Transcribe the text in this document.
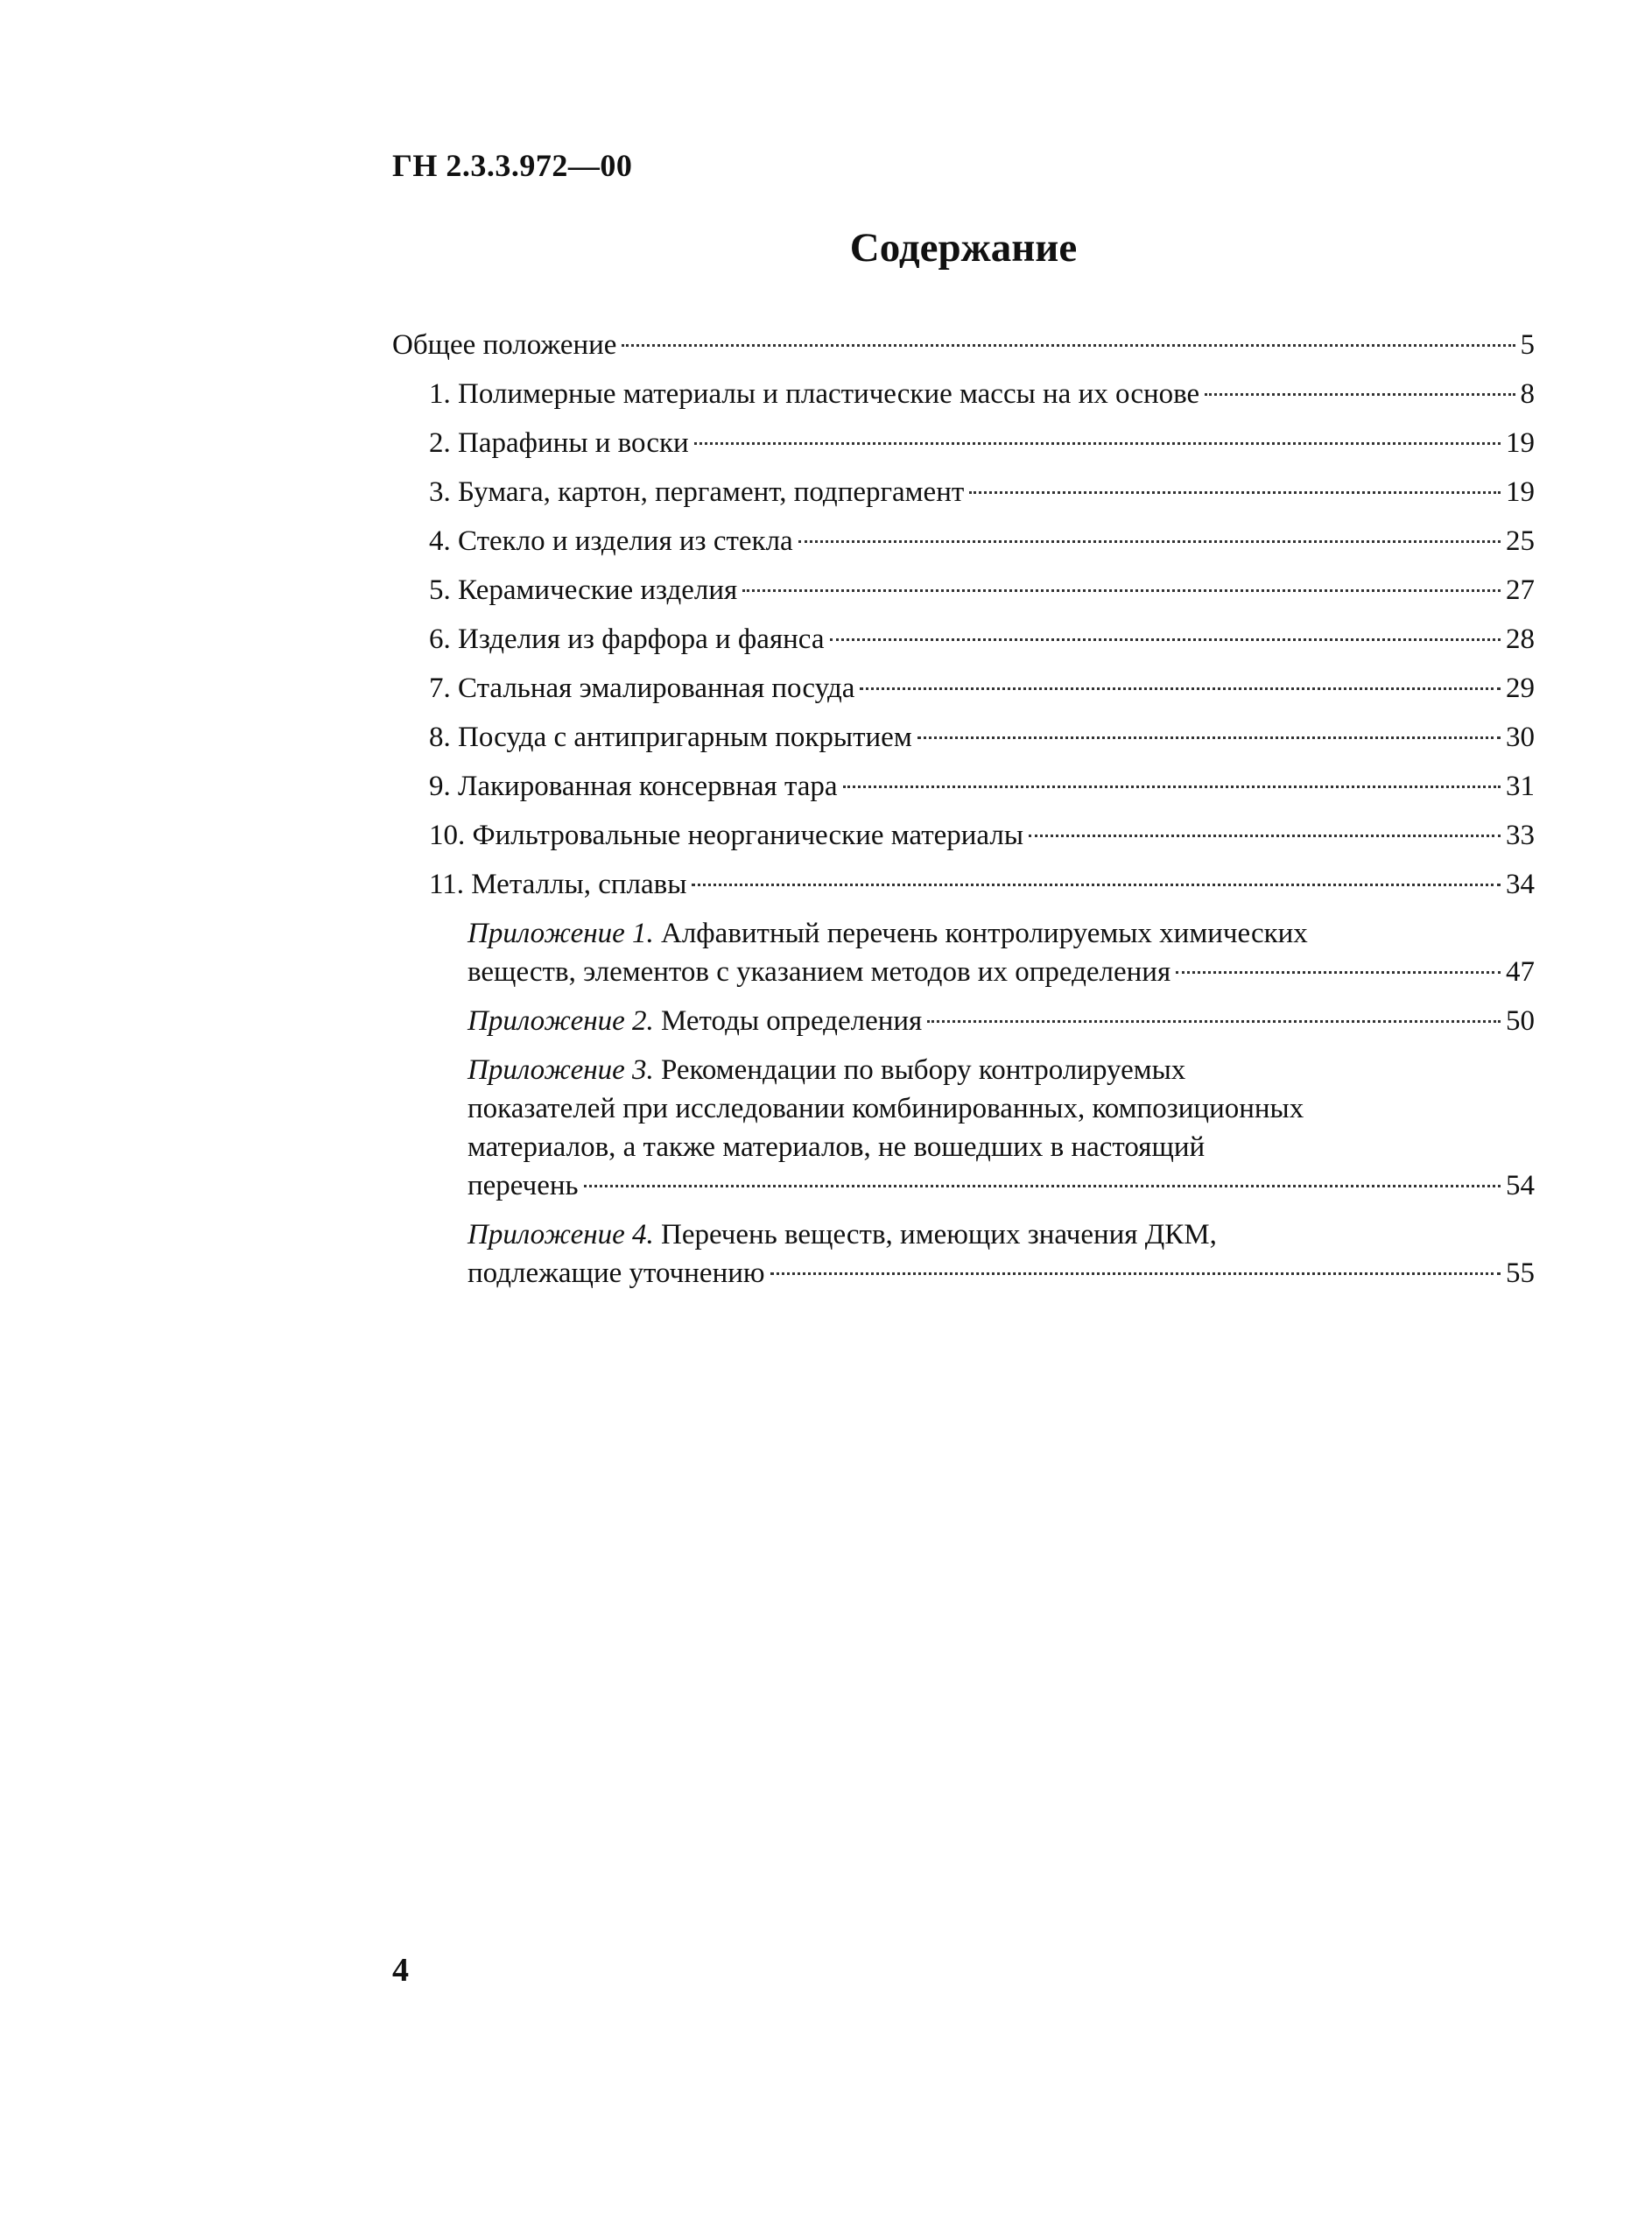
ГН 2.3.3.972—00
Содержание
Общее положение	5
1. Полимерные материалы и пластические массы на их основе	8
2. Парафины и воски	19
3. Бумага, картон, пергамент, подпергамент	19
4. Стекло и изделия из стекла	25
5. Керамические изделия	27
6. Изделия из фарфора и фаянса	28
7. Стальная эмалированная посуда	29
8. Посуда с антипригарным покрытием	30
9. Лакированная консервная тара	31
10. Фильтровальные неорганические материалы	33
11. Металлы, сплавы	34
Приложение 1. Алфавитный перечень контролируемых химических
веществ, элементов с указанием методов их определения	47
Приложение 2. Методы определения	50
Приложение 3. Рекомендации по выбору контролируемых
показателей при исследовании комбинированных, композиционных
материалов, а также материалов, не вошедших в настоящий
перечень	54
Приложение 4. Перечень веществ, имеющих значения ДКМ,
подлежащие уточнению	55
4
